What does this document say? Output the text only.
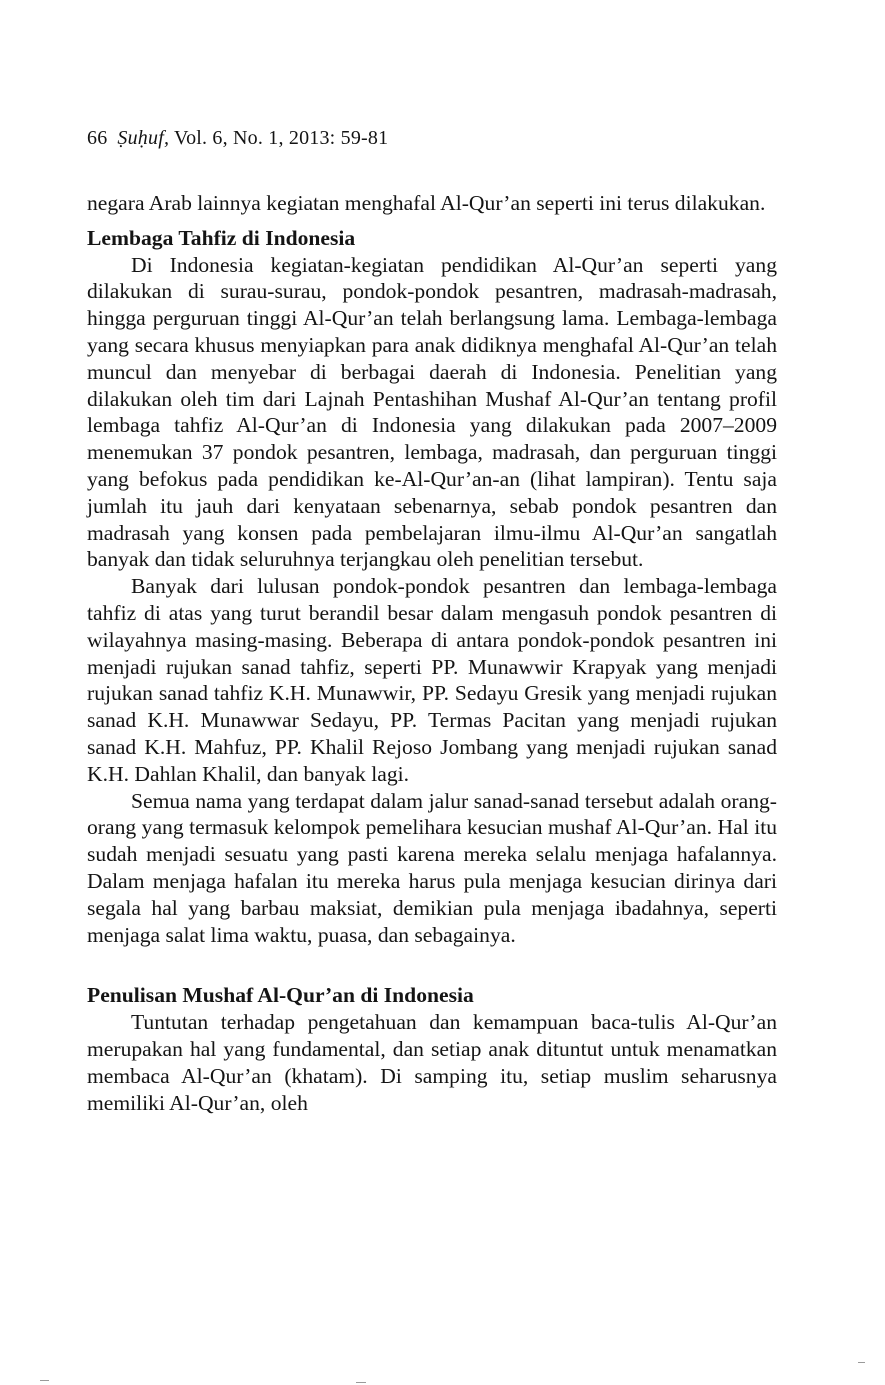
66 Ṣuḥuf, Vol. 6, No. 1, 2013: 59-81

negara Arab lainnya kegiatan menghafal Al-Qur’an seperti ini terus dilakukan.

Lembaga Tahfiz di Indonesia

Di Indonesia kegiatan-kegiatan pendidikan Al-Qur’an seperti yang dilakukan di surau-surau, pondok-pondok pesantren, madrasah-madrasah, hingga perguruan tinggi Al-Qur’an telah berlangsung lama. Lembaga-lembaga yang secara khusus menyiapkan para anak didiknya menghafal Al-Qur’an telah muncul dan menyebar di berbagai daerah di Indonesia. Penelitian yang dilakukan oleh tim dari Lajnah Pentashihan Mushaf Al-Qur’an tentang profil lembaga tahfiz Al-Qur’an di Indonesia yang dilakukan pada 2007–2009 menemukan 37 pondok pesantren, lembaga, madrasah, dan perguruan tinggi yang befokus pada pendidikan ke-Al-Qur’an-an (lihat lampiran). Tentu saja jumlah itu jauh dari kenyataan sebenarnya, sebab pondok pesantren dan madrasah yang konsen pada pembelajaran ilmu-ilmu Al-Qur’an sangatlah banyak dan tidak seluruhnya terjangkau oleh penelitian tersebut.

Banyak dari lulusan pondok-pondok pesantren dan lembaga-lembaga tahfiz di atas yang turut berandil besar dalam mengasuh pondok pesantren di wilayahnya masing-masing. Beberapa di antara pondok-pondok pesantren ini menjadi rujukan sanad tahfiz, seperti PP. Munawwir Krapyak yang menjadi rujukan sanad tahfiz K.H. Munawwir, PP. Sedayu Gresik yang menjadi rujukan sanad K.H. Munawwar Sedayu, PP. Termas Pacitan yang menjadi rujukan sanad K.H. Mahfuz, PP. Khalil Rejoso Jombang yang menjadi rujukan sanad K.H. Dahlan Khalil, dan banyak lagi.

Semua nama yang terdapat dalam jalur sanad-sanad tersebut adalah orang-orang yang termasuk kelompok pemelihara kesucian mushaf Al-Qur’an. Hal itu sudah menjadi sesuatu yang pasti karena mereka selalu menjaga hafalannya. Dalam menjaga hafalan itu mereka harus pula menjaga kesucian dirinya dari segala hal yang barbau maksiat, demikian pula menjaga ibadahnya, seperti menjaga salat lima waktu, puasa, dan sebagainya.

Penulisan Mushaf Al-Qur’an di Indonesia

Tuntutan terhadap pengetahuan dan kemampuan baca-tulis Al-Qur’an merupakan hal yang fundamental, dan setiap anak dituntut untuk menamatkan membaca Al-Qur’an (khatam). Di samping itu, setiap muslim seharusnya memiliki Al-Qur’an, oleh
